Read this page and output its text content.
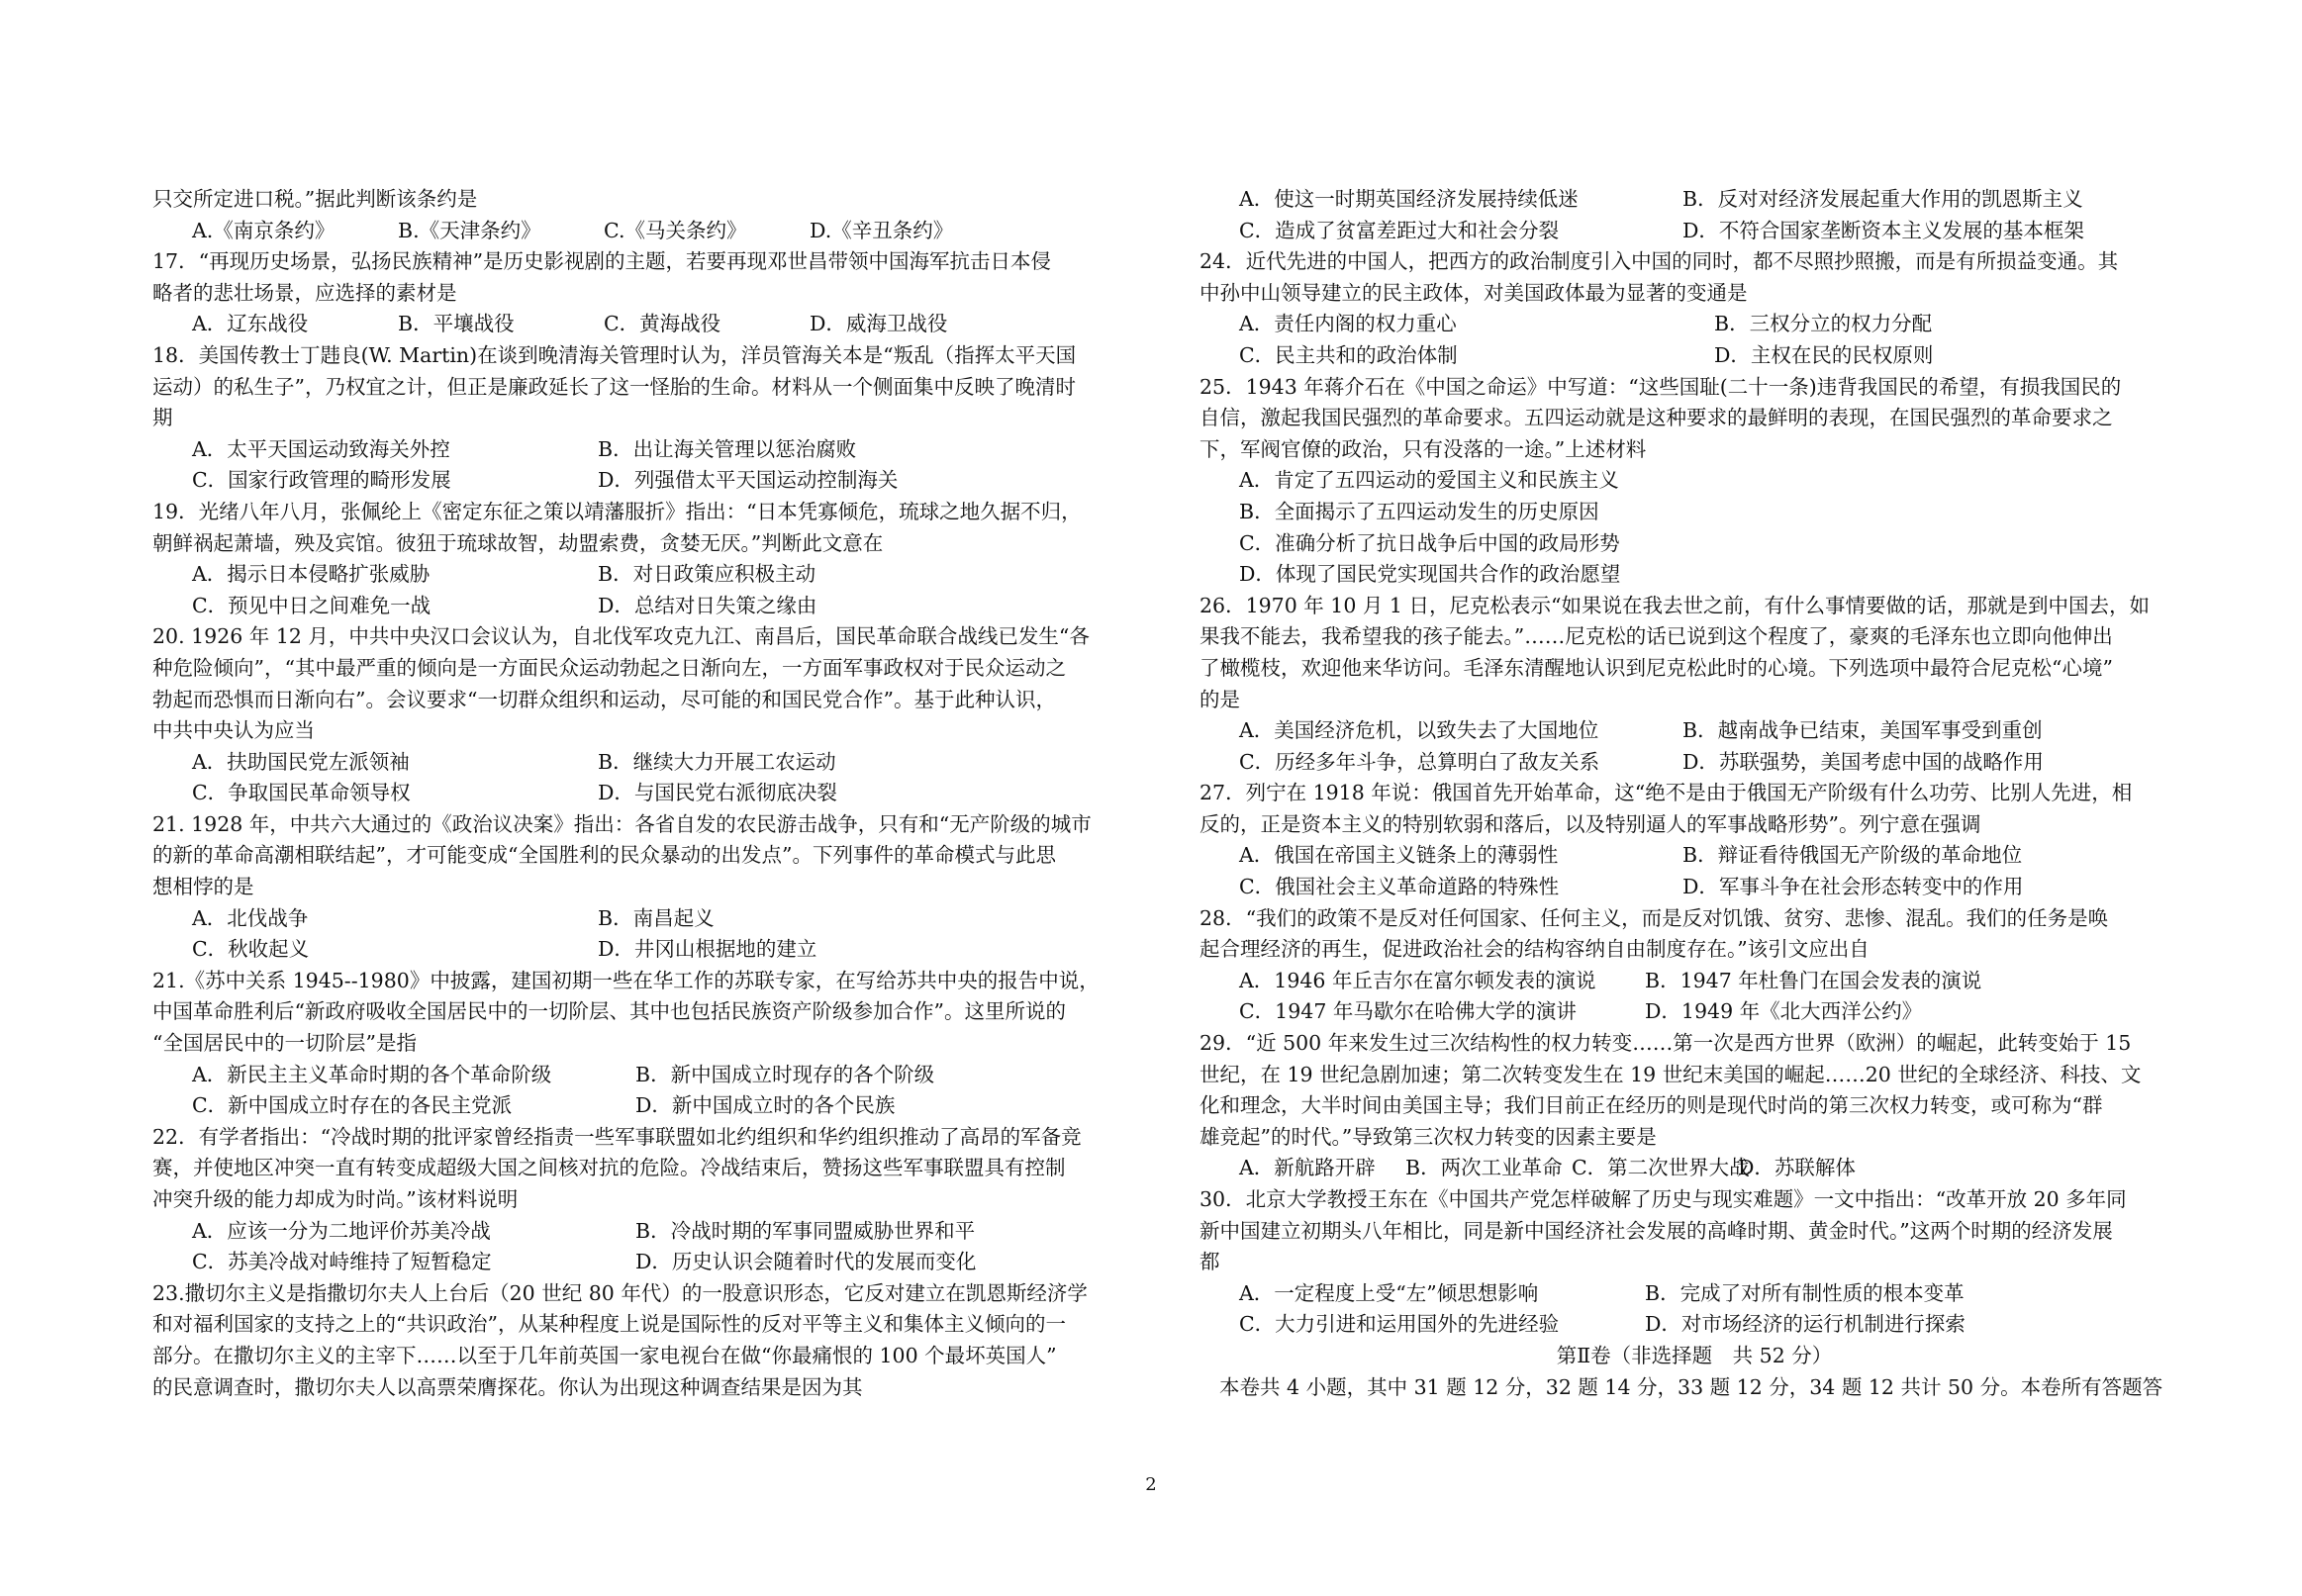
只交所定进口税。”据此判断该条约是
A.《南京条约》	B.《天津条约》	C.《马关条约》	D.《辛丑条约》
17．“再现历史场景，弘扬民族精神”是历史影视剧的主题，若要再现邓世昌带领中国海军抗击日本侵
略者的悲壮场景，应选择的素材是
A．辽东战役	B．平壤战役	C．黄海战役	D．威海卫战役
18．美国传教士丁韪良(W. Martin)在谈到晚清海关管理时认为，洋员管海关本是“叛乱（指挥太平天国
运动）的私生子”，乃权宜之计，但正是廉政延长了这一怪胎的生命。材料从一个侧面集中反映了晚清时
期
A．太平天国运动致海关外控	B．出让海关管理以惩治腐败
C．国家行政管理的畸形发展	D．列强借太平天国运动控制海关
19．光绪八年八月，张佩纶上《密定东征之策以靖藩服折》指出：“日本凭寡倾危，琉球之地久据不归，
朝鲜祸起萧墙，殃及宾馆。彼狃于琉球故智，劫盟索费，贪婪无厌。”判断此文意在
A．揭示日本侵略扩张威胁	B．对日政策应积极主动
C．预见中日之间难免一战	D．总结对日失策之缘由
20. 1926 年 12 月，中共中央汉口会议认为，自北伐军攻克九江、南昌后，国民革命联合战线已发生“各
种危险倾向”，“其中最严重的倾向是一方面民众运动勃起之日渐向左，一方面军事政权对于民众运动之
勃起而恐惧而日渐向右”。会议要求“一切群众组织和运动，尽可能的和国民党合作”。基于此种认识，
中共中央认为应当
A．扶助国民党左派领袖	B．继续大力开展工农运动
C．争取国民革命领导权	D．与国民党右派彻底决裂
21. 1928 年，中共六大通过的《政治议决案》指出：各省自发的农民游击战争，只有和“无产阶级的城市
的新的革命高潮相联结起”，才可能变成“全国胜利的民众暴动的出发点”。下列事件的革命模式与此思
想相悖的是
A．北伐战争	B．南昌起义
C．秋收起义	D．井冈山根据地的建立
21.《苏中关系 1945--1980》中披露，建国初期一些在华工作的苏联专家，在写给苏共中央的报告中说，
中国革命胜利后“新政府吸收全国居民中的一切阶层、其中也包括民族资产阶级参加合作”。这里所说的
“全国居民中的一切阶层”是指
A．新民主主义革命时期的各个革命阶级	B．新中国成立时现存的各个阶级
C．新中国成立时存在的各民主党派	D．新中国成立时的各个民族
22．有学者指出：“冷战时期的批评家曾经指责一些军事联盟如北约组织和华约组织推动了高昂的军备竞
赛，并使地区冲突一直有转变成超级大国之间核对抗的危险。冷战结束后，赞扬这些军事联盟具有控制
冲突升级的能力却成为时尚。”该材料说明
A．应该一分为二地评价苏美冷战	B．冷战时期的军事同盟威胁世界和平
C．苏美冷战对峙维持了短暂稳定	D．历史认识会随着时代的发展而变化
23.撒切尔主义是指撒切尔夫人上台后（20 世纪 80 年代）的一股意识形态，它反对建立在凯恩斯经济学
和对福利国家的支持之上的“共识政治”，从某种程度上说是国际性的反对平等主义和集体主义倾向的一
部分。在撒切尔主义的主宰下……以至于几年前英国一家电视台在做“你最痛恨的 100 个最坏英国人”
的民意调查时，撒切尔夫人以高票荣膺探花。你认为出现这种调查结果是因为其
A．使这一时期英国经济发展持续低迷	B．反对对经济发展起重大作用的凯恩斯主义
C．造成了贫富差距过大和社会分裂	D．不符合国家垄断资本主义发展的基本框架
24．近代先进的中国人，把西方的政治制度引入中国的同时，都不尽照抄照搬，而是有所损益变通。其
中孙中山领导建立的民主政体，对美国政体最为显著的变通是
A．责任内阁的权力重心	B．三权分立的权力分配
C．民主共和的政治体制	D．主权在民的民权原则
25．1943 年蒋介石在《中国之命运》中写道：“这些国耻(二十一条)违背我国民的希望，有损我国民的
自信，激起我国民强烈的革命要求。五四运动就是这种要求的最鲜明的表现，在国民强烈的革命要求之
下，军阀官僚的政治，只有没落的一途。”上述材料
A．肯定了五四运动的爱国主义和民族主义
B．全面揭示了五四运动发生的历史原因
C．准确分析了抗日战争后中国的政局形势
D．体现了国民党实现国共合作的政治愿望
26．1970 年 10 月 1 日，尼克松表示“如果说在我去世之前，有什么事情要做的话，那就是到中国去，如
果我不能去，我希望我的孩子能去。”……尼克松的话已说到这个程度了，豪爽的毛泽东也立即向他伸出
了橄榄枝，欢迎他来华访问。毛泽东清醒地认识到尼克松此时的心境。下列选项中最符合尼克松“心境”
的是
A．美国经济危机，以致失去了大国地位	B．越南战争已结束，美国军事受到重创
C．历经多年斗争，总算明白了敌友关系	D．苏联强势，美国考虑中国的战略作用
27．列宁在 1918 年说：俄国首先开始革命，这“绝不是由于俄国无产阶级有什么功劳、比别人先进，相
反的，正是资本主义的特别软弱和落后，以及特别逼人的军事战略形势”。列宁意在强调
A．俄国在帝国主义链条上的薄弱性	B．辩证看待俄国无产阶级的革命地位
C．俄国社会主义革命道路的特殊性	D．军事斗争在社会形态转变中的作用
28．“我们的政策不是反对任何国家、任何主义，而是反对饥饿、贫穷、悲惨、混乱。我们的任务是唤
起合理经济的再生，促进政治社会的结构容纳自由制度存在。”该引文应出自
A．1946 年丘吉尔在富尔顿发表的演说	B．1947 年杜鲁门在国会发表的演说
C．1947 年马歇尔在哈佛大学的演讲	D．1949 年《北大西洋公约》
29．“近 500 年来发生过三次结构性的权力转变……第一次是西方世界（欧洲）的崛起，此转变始于 15
世纪，在 19 世纪急剧加速；第二次转变发生在 19 世纪末美国的崛起……20 世纪的全球经济、科技、文
化和理念，大半时间由美国主导；我们目前正在经历的则是现代时尚的第三次权力转变，或可称为“群
雄竞起”的时代。”导致第三次权力转变的因素主要是
A．新航路开辟	B．两次工业革命 C．第二次世界大战
D．苏联解体
30．北京大学教授王东在《中国共产党怎样破解了历史与现实难题》一文中指出：“改革开放 20 多年同
新中国建立初期头八年相比，同是新中国经济社会发展的高峰时期、黄金时代。”这两个时期的经济发展
都
A．一定程度上受“左”倾思想影响	B．完成了对所有制性质的根本变革
C．大力引进和运用国外的先进经验	D．对市场经济的运行机制进行探索
第Ⅱ卷（非选择题　共 52 分）
本卷共 4 小题，其中 31 题 12 分，32 题 14 分，33 题 12 分，34 题 12 共计 50 分。本卷所有答题答
2
